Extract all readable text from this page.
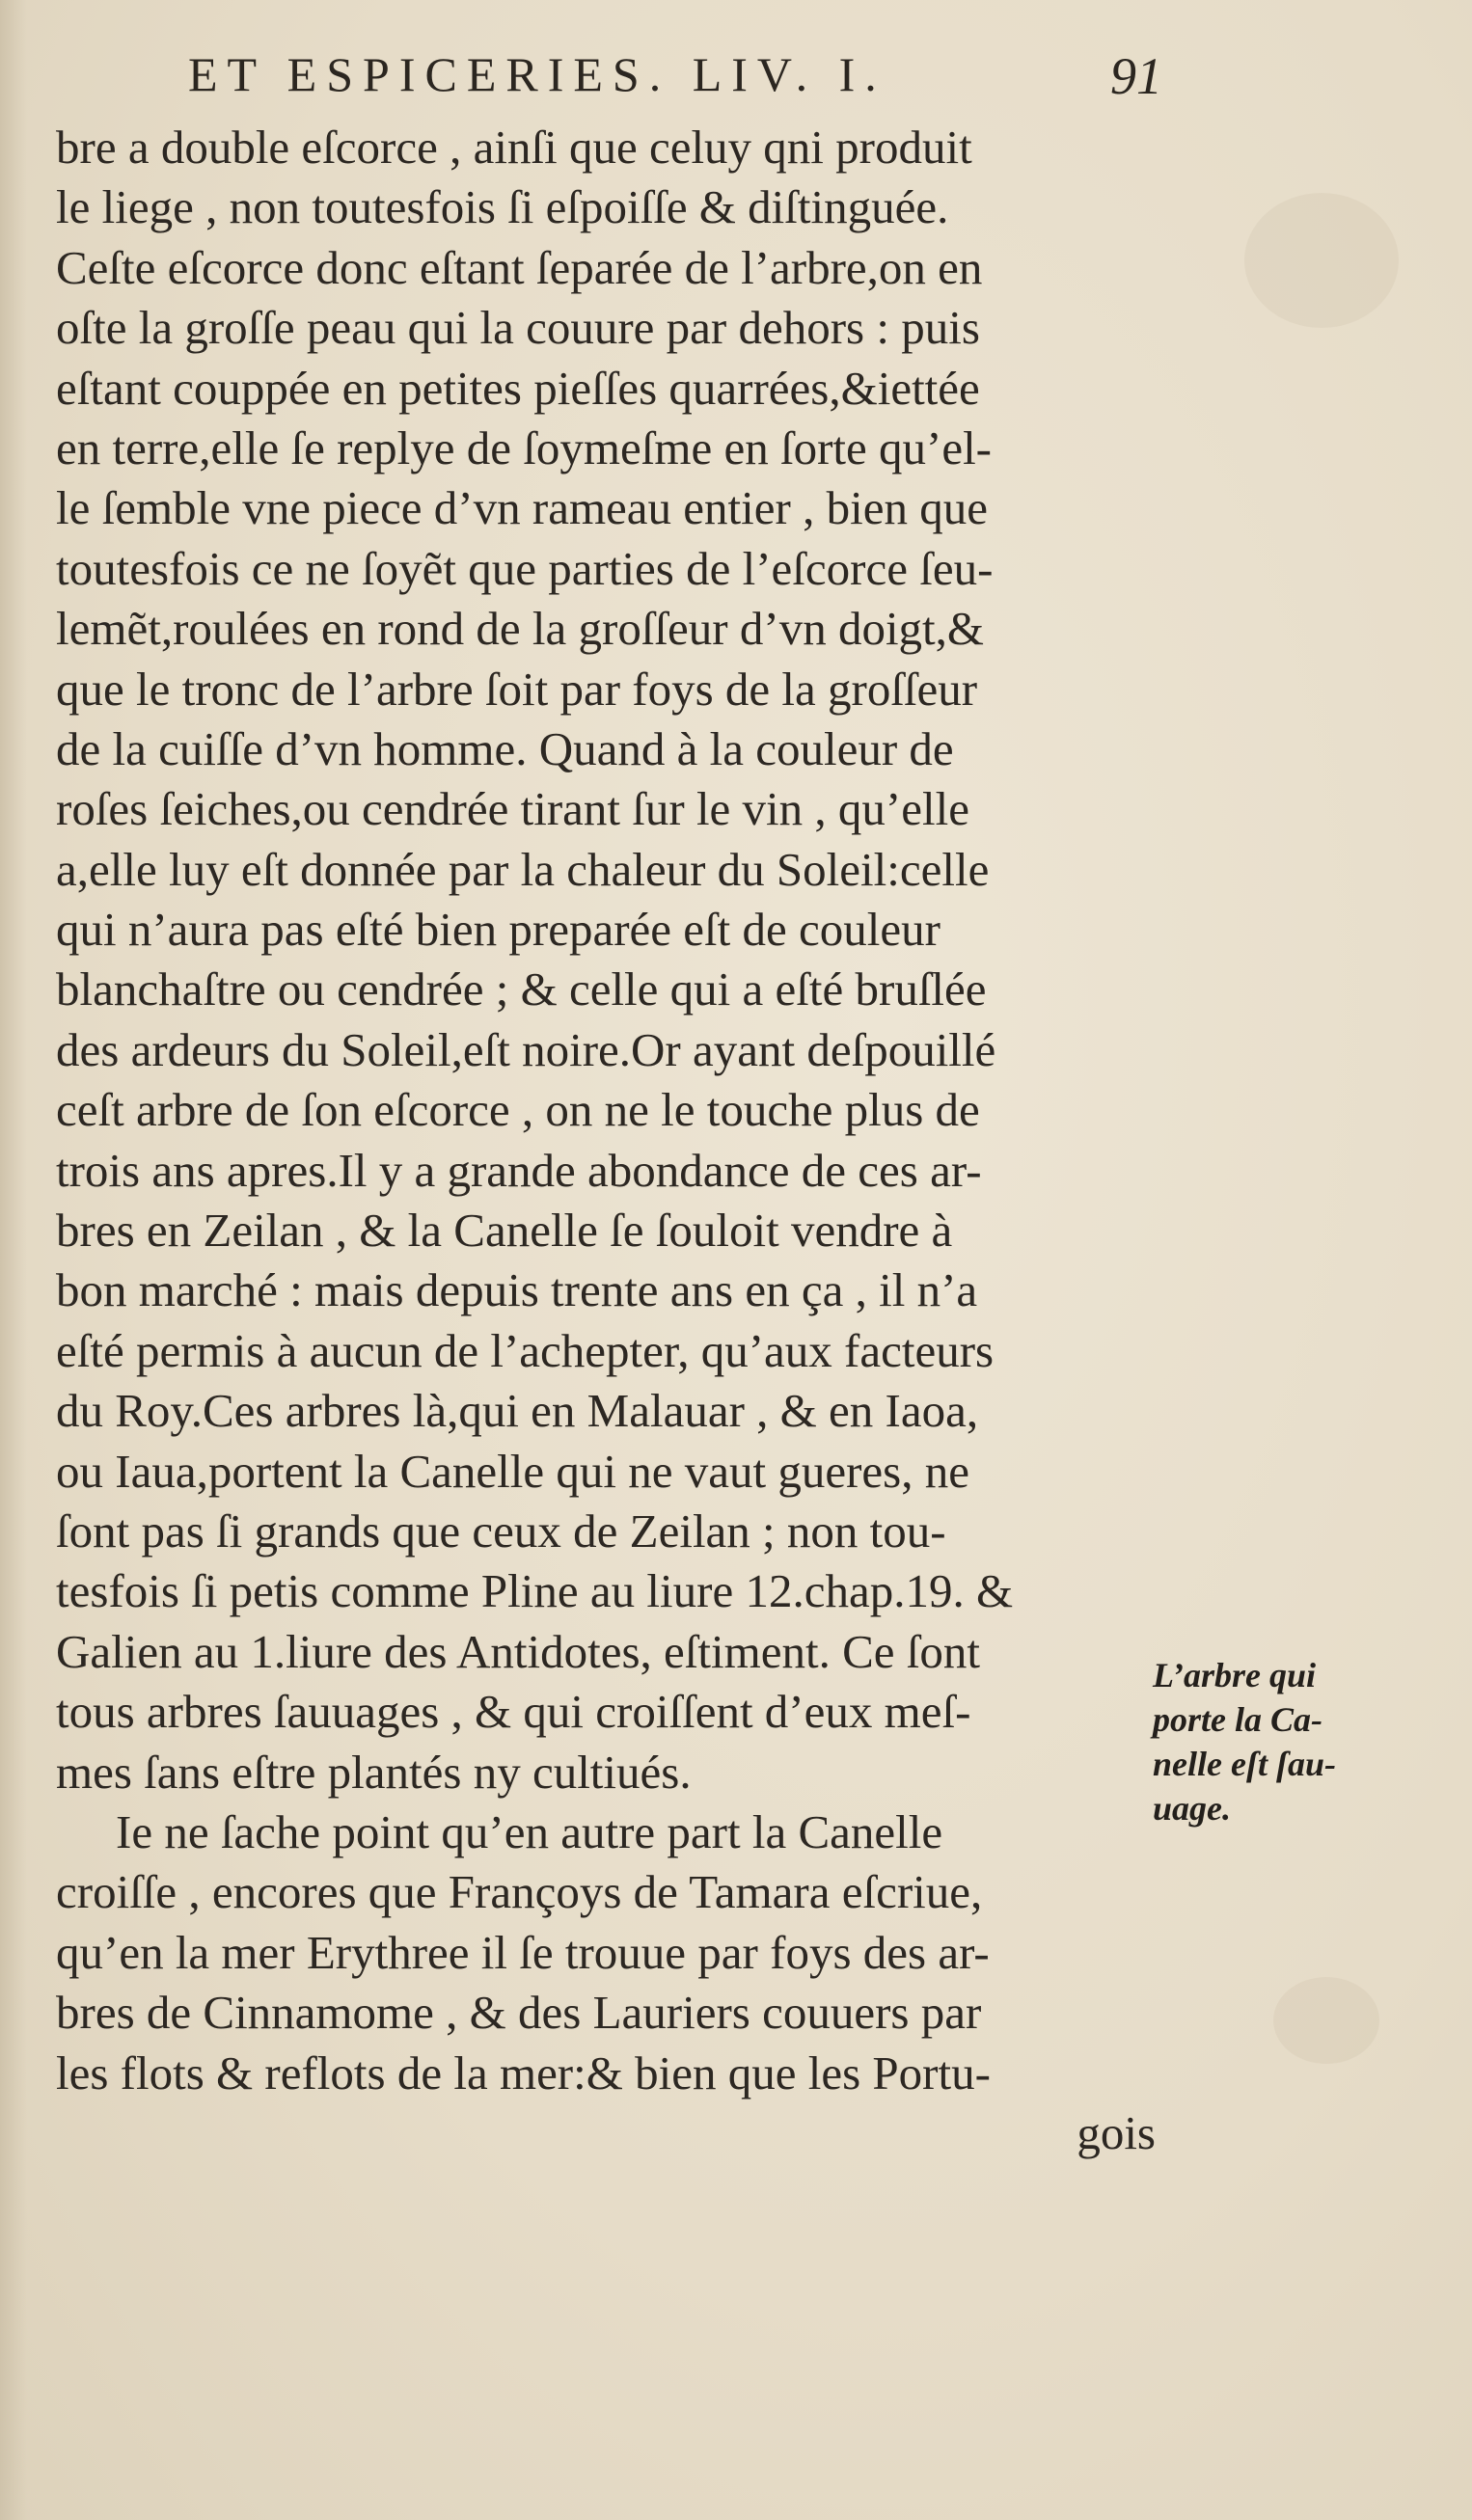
ET ESPICERIES. LIV. I.	91
bre a double eſcorce , ainſi que celuy qni produit
le liege , non toutesfois ſi eſpoiſſe & diſtinguée.
Ceſte eſcorce donc eſtant ſeparée de l’arbre,on en
oſte la groſſe peau qui la couure par dehors : puis
eſtant couppée en petites pieſſes quarrées,&iettée
en terre,elle ſe replye de ſoymeſme en ſorte qu’el-
le ſemble vne piece d’vn rameau entier , bien que
toutesfois ce ne ſoyẽt que parties de l’eſcorce ſeu-
lemẽt,roulées en rond de la groſſeur d’vn doigt,&
que le tronc de l’arbre ſoit par foys de la groſſeur
de la cuiſſe d’vn homme. Quand à la couleur de
roſes ſeiches,ou cendrée tirant ſur le vin , qu’elle
a,elle luy eſt donnée par la chaleur du Soleil:celle
qui n’aura pas eſté bien preparée eſt de couleur
blanchaſtre ou cendrée ; & celle qui a eſté bruſlée
des ardeurs du Soleil,eſt noire.Or ayant deſpouillé
ceſt arbre de ſon eſcorce , on ne le touche plus de
trois ans apres.Il y a grande abondance de ces ar-
bres en Zeilan , & la Canelle ſe ſouloit vendre à
bon marché : mais depuis trente ans en ça , il n’a
eſté permis à aucun de l’achepter, qu’aux facteurs
du Roy.Ces arbres là,qui en Malauar , & en Iaoa,
ou Iaua,portent la Canelle qui ne vaut gueres, ne
ſont pas ſi grands que ceux de Zeilan ; non tou-
tesfois ſi petis comme Pline au liure 12.chap.19. &
Galien au 1.liure des Antidotes, eſtiment. Ce ſont
tous arbres ſauuages , & qui croiſſent d’eux meſ-
mes ſans eſtre plantés ny cultiués.
Ie ne ſache point qu’en autre part la Canelle
croiſſe , encores que Françoys de Tamara eſcriue,
qu’en la mer Erythree il ſe trouue par foys des ar-
bres de Cinnamome , & des Lauriers couuers par
les flots & reflots de la mer:& bien que les Portu-
gois
L’arbre qui
porte la Ca-
nelle eſt ſau-
uage.
